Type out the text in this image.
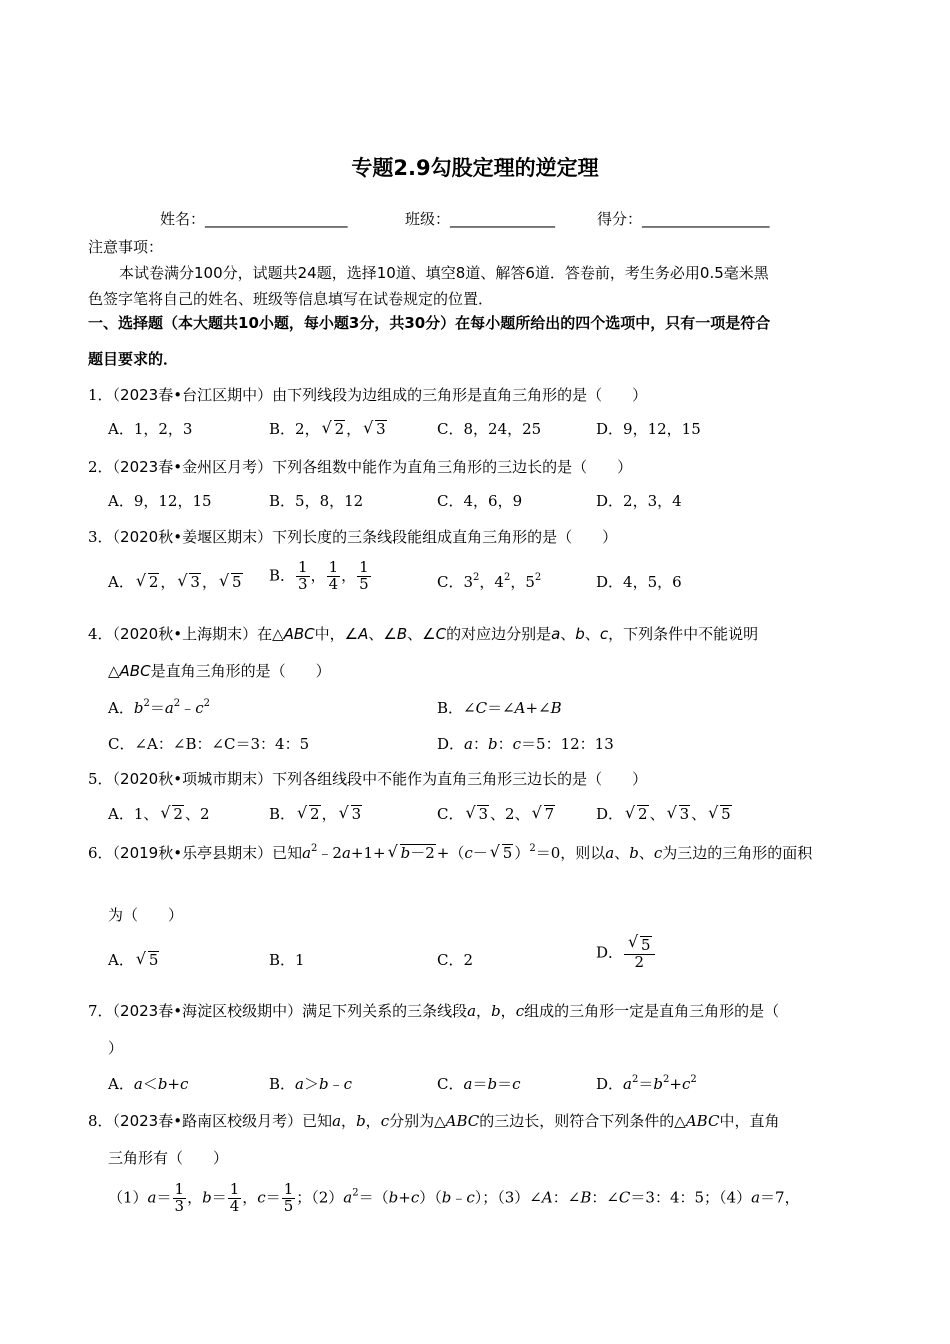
专题2.9勾股定理的逆定理
姓名：___________________	班级：______________	得分：_________________
注意事项：
本试卷满分100分，试题共24题，选择10道、填空8道、解答6道．答卷前，考生务必用0.5毫米黑
色签字笔将自己的姓名、班级等信息填写在试卷规定的位置．
一、选择题（本大题共10小题，每小题3分，共30分）在每小题所给出的四个选项中，只有一项是符合
题目要求的．
1．（2023春•台江区期中）由下列线段为边组成的三角形是直角三角形的是（　　）
A．1，2，3	B．2，√ 2 ，√ 3	C．8，24，25	D．9，12，15
2．（2023春•金州区月考）下列各组数中能作为直角三角形的三边长的是（　　）
A．9，12，15	B．5，8，12	C．4，6，9	D．2，3，4
3．（2020秋•姜堰区期末）下列长度的三条线段能组成直角三角形的是（　　）
A．√ 2 ，√ 3 ，√ 5 B． $\frac{1}{3}$ ， $\frac{1}{4}$ ， $\frac{1}{5}$	C．$3^2$，$4^2$，$5^2$	D．4，5，6
4．（2020秋•上海期末）在△ABC中，∠A、∠B、∠C的对应边分别是a、b、c，下列条件中不能说明
△ABC是直角三角形的是（　　）
A．$b^2=a^2﹣c^2$	B．∠C＝∠A+∠B
C．∠A：∠B：∠C＝3：4：5	D．a：b：c＝5：12：13
5．（2020秋•项城市期末）下列各组线段中不能作为直角三角形三边长的是（　　）
A．1、√ 2 、2	B．√ 2 ，√ 3	C．√ 3 、2、√ 7	D．√ 2 、√ 3 、√ 5
6．（2019秋•乐亭县期末）已知$a^2﹣2a+1+√$ b－2 +（c－√ 5 ）$^2$＝0，则以a、b、c为三边的三角形的面积
为（　　）
A．√ 5	B．1	C．2	D．
√ $\frac{5}{2}$
7．（2023春•海淀区校级期中）满足下列关系的三条线段a，b，c组成的三角形一定是直角三角形的是（
）
A．a＜b+c	B．a＞b﹣c	C．a＝b＝c	D．$a^2=b^2+c^2$
8．（2023春•路南区校级月考）已知a，b，c分别为△ABC的三边长，则符合下列条件的△ABC中，直角
三角形有（　　）
$(1)a= \frac{1}{3}$ ，$b= \frac{1}{4}$ ，$c= \frac{1}{5}$ ；$(2)a^2=(b+c)(b﹣c)$；（3）∠A：∠B：∠C＝3：4：5；（4）a＝7，
